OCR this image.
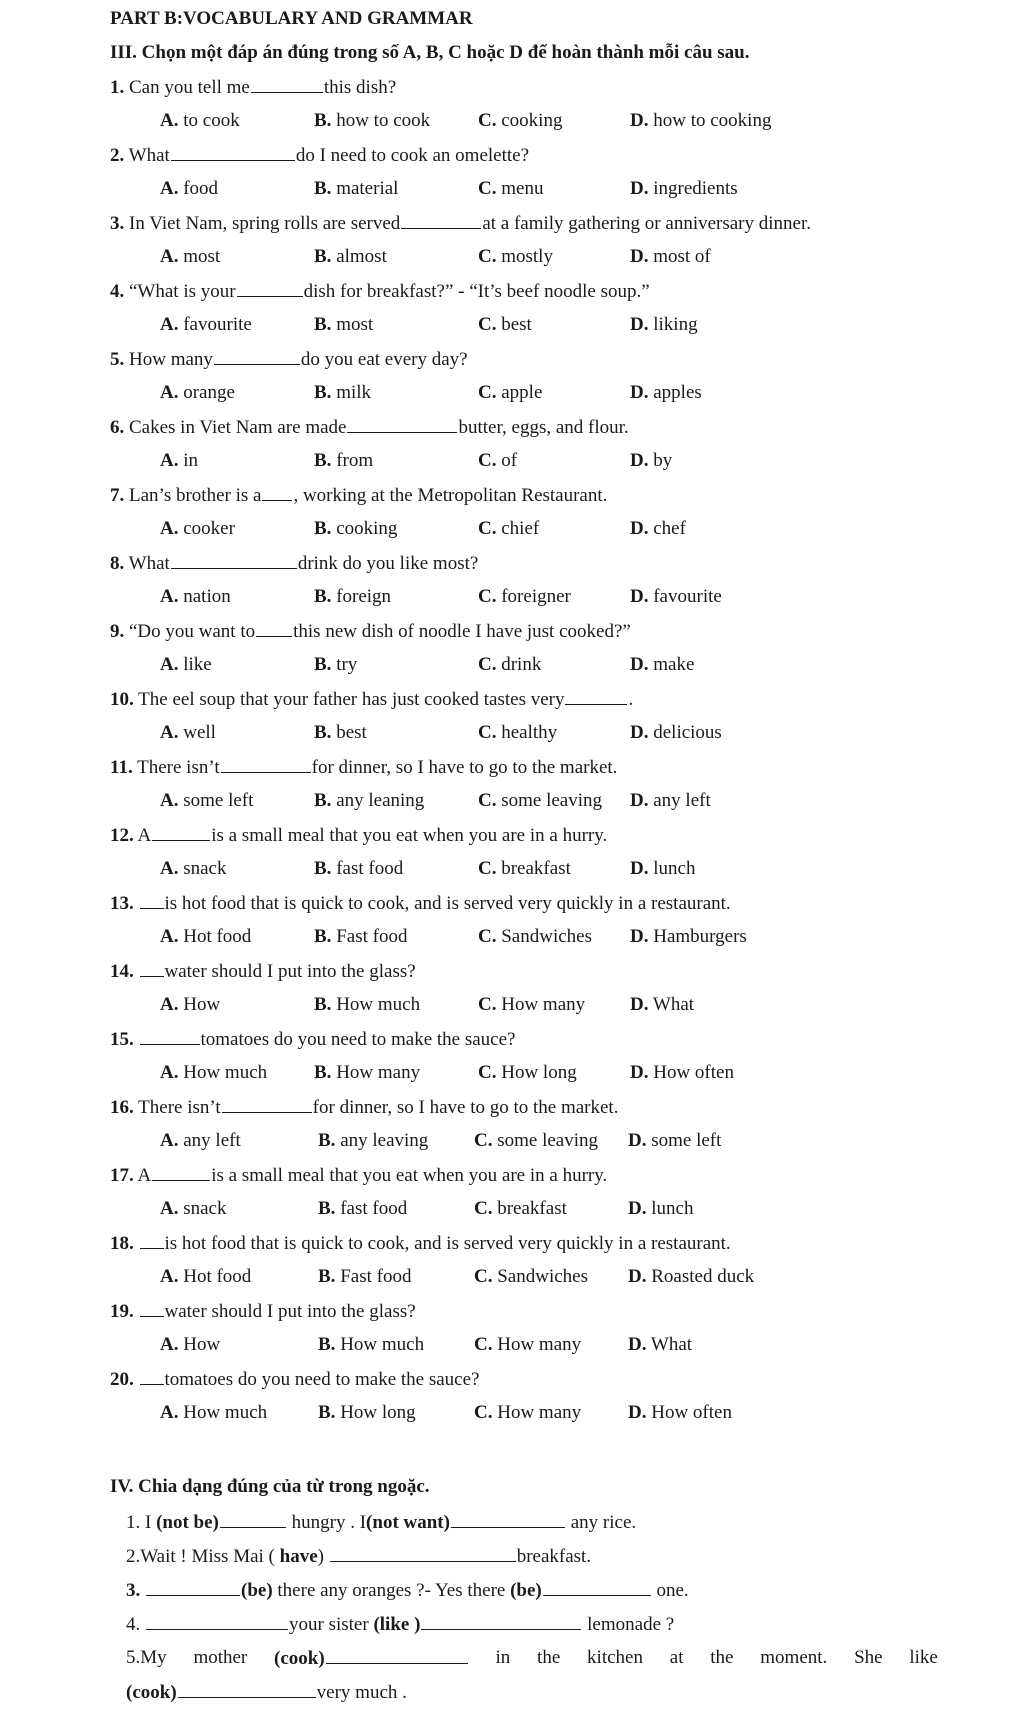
PART B:VOCABULARY AND GRAMMAR
III. Chọn một đáp án đúng trong số A, B, C hoặc D để hoàn thành mỗi câu sau.
1. Can you tell me	this dish?
A. to cook	B. how to cook	C. cooking	D. how to cooking
2. What	do I need to cook an omelette?
A. food	B. material	C. menu	D. ingredients
3. In Viet Nam, spring rolls are served	at a family gathering or anniversary dinner.
A. most	B. almost	C. mostly	D. most of
4. “What is your	dish for breakfast?” - “It’s beef noodle soup.”
A. favourite	B. most	C. best	D. liking
5. How many	do you eat every day?
A. orange	B. milk	C. apple	D. apples
6. Cakes in Viet Nam are made	butter, eggs, and flour.
A. in	B. from	C. of	D. by
7. Lan’s brother is a , working at the Metropolitan Restaurant.
A. cooker	B. cooking	C. chief	D. chef
8. What	drink do you like most?
A. nation	B. foreign	C. foreigner	D. favourite
9. “Do you want to this new dish of noodle I have just cooked?”
A. like	B. try	C. drink	D. make
10. The eel soup that your father has just cooked tastes very	.
A. well	B. best	C. healthy	D. delicious
11. There isn’t	for dinner, so I have to go to the market.
A. some left	B. any leaning	C. some leaving D. any left
12. A	is a small meal that you eat when you are in a hurry.
A. snack	B. fast food	C. breakfast	D. lunch
13. is hot food that is quick to cook, and is served very quickly in a restaurant.
A. Hot food	B. Fast food	C. Sandwiches D. Hamburgers
14. water should I put into the glass?
A. How	B. How much	C. How many D. What
15.	tomatoes do you need to make the sauce?
A. How much B. How many	C. How long	D. How often
16. There isn’t	for dinner, so I have to go to the market.
A. any left	B. any leaving C. some leaving D. some left
17. A	is a small meal that you eat when you are in a hurry.
A. snack	B. fast food	C. breakfast	D. lunch
18. is hot food that is quick to cook, and is served very quickly in a restaurant.
A. Hot food	B. Fast food	C. Sandwiches D. Roasted duck
19. water should I put into the glass?
A. How	B. How much	C. How many D. What
20. tomatoes do you need to make the sauce?
A. How much	B. How long	C. How many D. How often
IV. Chia dạng đúng của từ trong ngoặc.
1. I (not be)	hungry . I(not want)	any rice.
2.Wait ! Miss Mai ( have)	breakfast.
3.	(be) there any oranges ?- Yes there (be)	one.
4.	your sister (like )	lemonade ?
5.My mother (cook)	in the kitchen at the moment. She like
(cook)	very much .
